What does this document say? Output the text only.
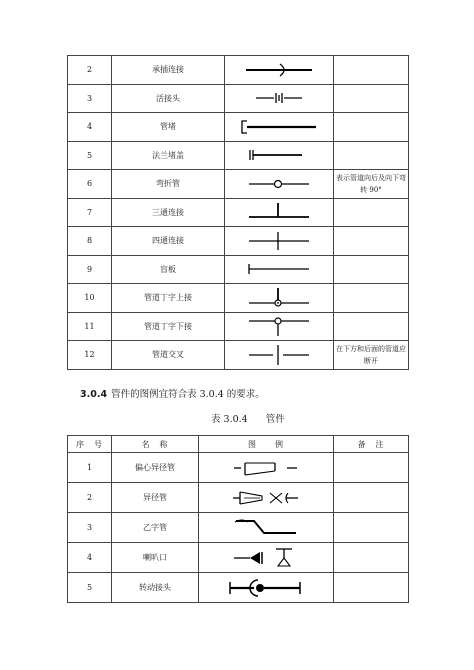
2	承插连接	

3	活接头	

4	管堵	

5	法兰堵盖	

6	弯折管		表示管道向后及向下弯转 90°
7	三通连接	

8	四通连接	

9	盲板	

10	管道丁字上接	

11	管道丁字下接	

12	管道交叉		在下方和后面的管道应断开
3.0.4 管件的图例宜符合表 3.0.4 的要求。
表 3.0.4 管件
序　号	名　称	图　　例	备　注
1	偏心异径管	

2	异径管	

3	乙字管	

4	喇叭口	

5	转动接头	
